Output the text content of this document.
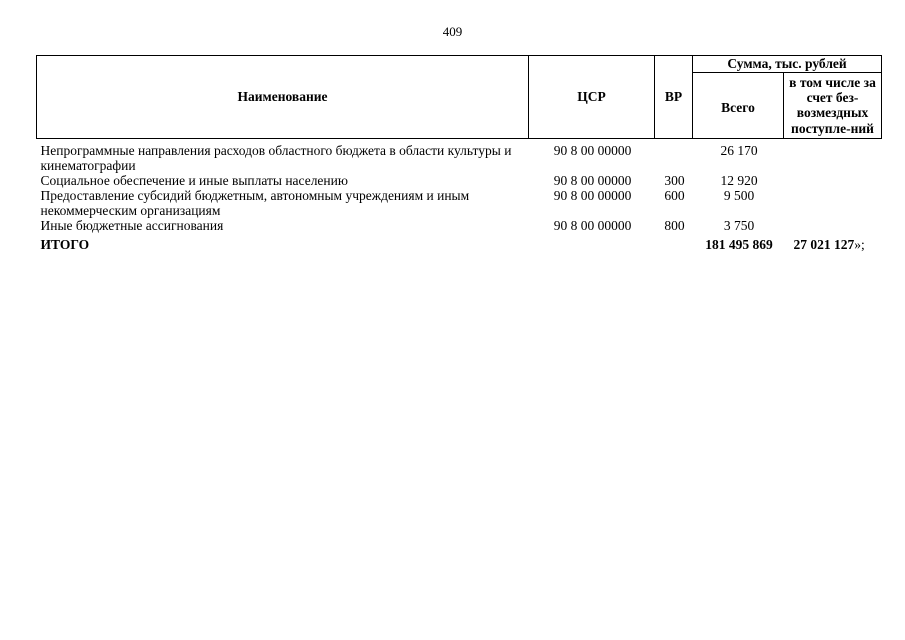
409
Наименование	ЦСР	ВР	Сумма, тыс. рублей	
			Всего	в том числе за счет без-возмездных поступле-ний
Непрограммные направления расходов областного бюджета в области культуры и кинематографии	90 8 00 00000		26 170	
Социальное обеспечение и иные выплаты населению	90 8 00 00000	300	12 920	
Предоставление субсидий бюджетным, автономным учреждениям и иным некоммерческим организациям	90 8 00 00000	600	9 500	
Иные бюджетные ассигнования	90 8 00 00000	800	3 750	
ИТОГО			181 495 869	27 021 127»;
